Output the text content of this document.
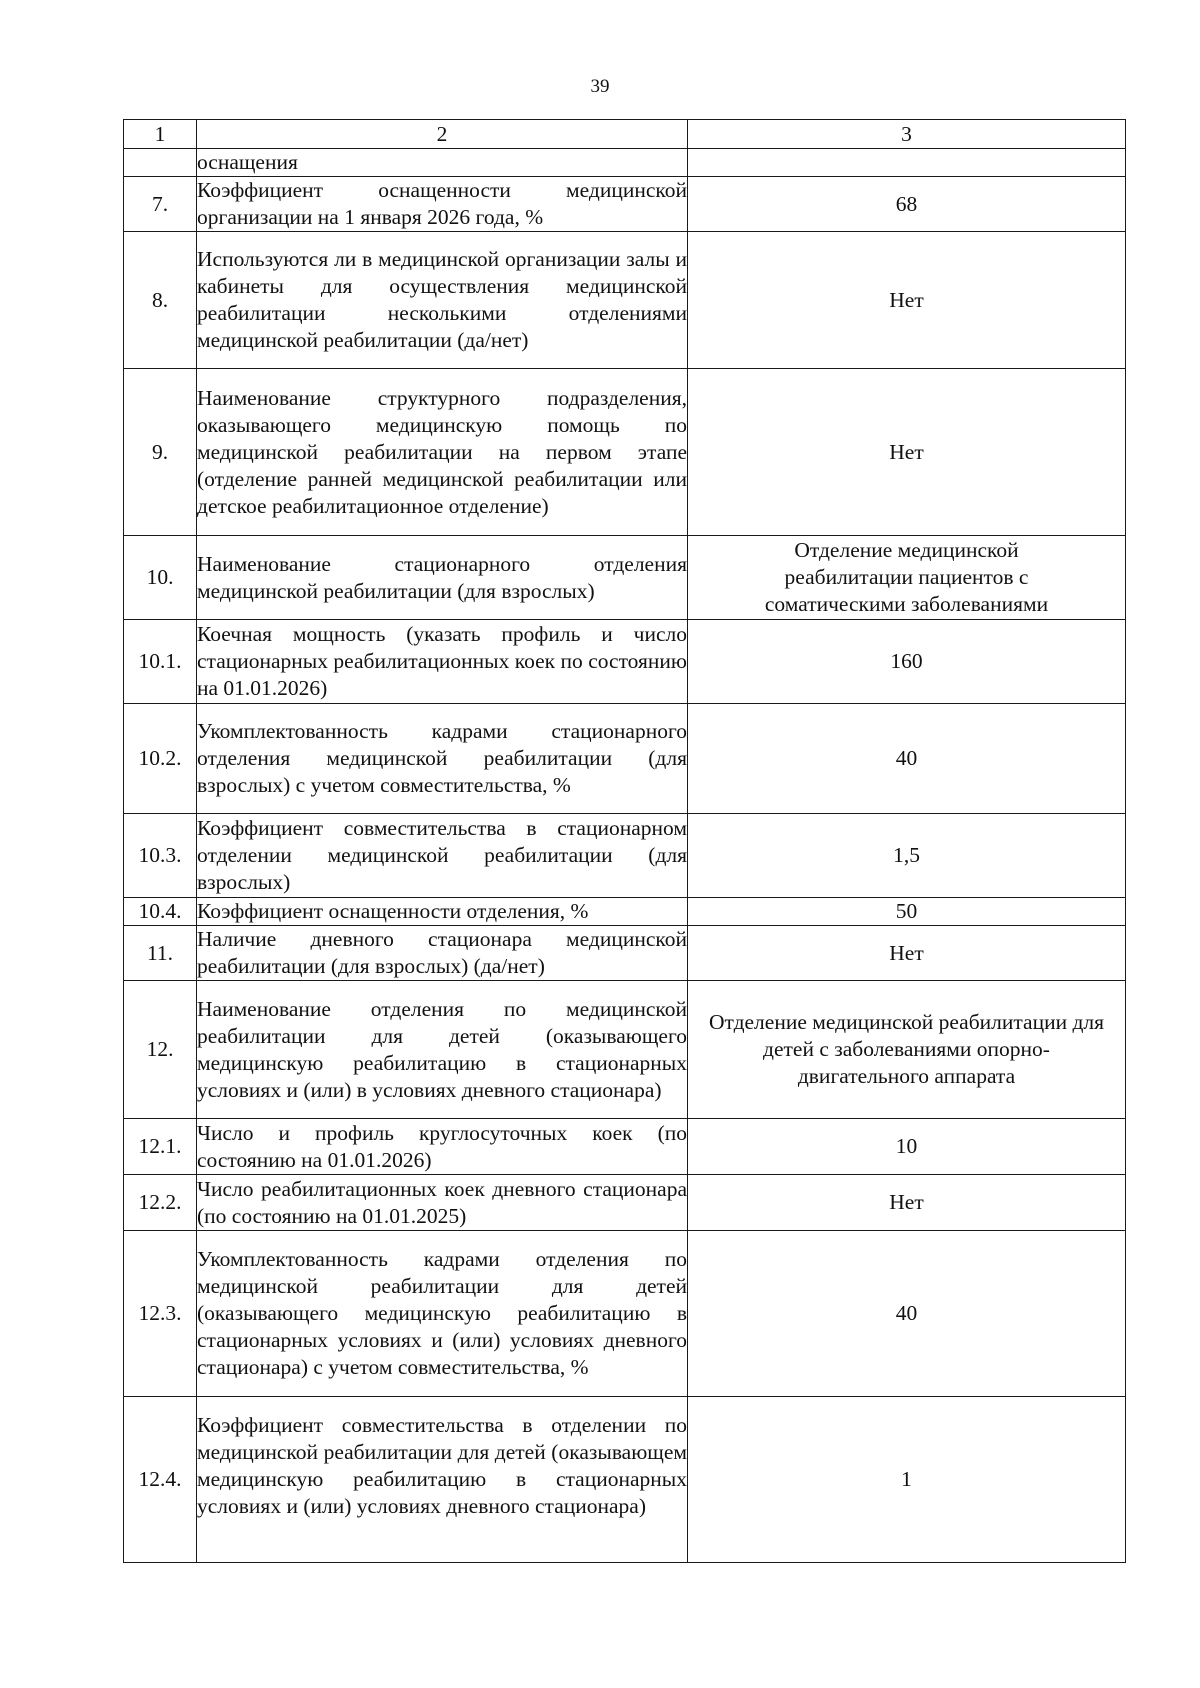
39
1	2	3
	оснащения	
7.	Коэффициент оснащенности медицинской организации на 1 января 2026 года, %	68
8.	Используются ли в медицинской организации залы и кабинеты для осуществления медицинской реабилитации несколькими отделениями медицинской реабилитации (да/нет)	Нет
9.	Наименование структурного подразделения, оказывающего медицинскую помощь по медицинской реабилитации на первом этапе (отделение ранней медицинской реабилитации или детское реабилитационное отделение)	Нет
10.	Наименование стационарного отделения медицинской реабилитации (для взрослых)	Отделение медицинской реабилитации пациентов с соматическими заболеваниями
10.1.	Коечная мощность (указать профиль и число стационарных реабилитационных коек по состоянию на 01.01.2026)	160
10.2.	Укомплектованность кадрами стационарного отделения медицинской реабилитации (для взрослых) с учетом совместительства, %	40
10.3.	Коэффициент совместительства в стационарном отделении медицинской реабилитации (для взрослых)	1,5
10.4.	Коэффициент оснащенности отделения, %	50
11.	Наличие дневного стационара медицинской реабилитации (для взрослых) (да/нет)	Нет
12.	Наименование отделения по медицинской реабилитации для детей (оказывающего медицинскую реабилитацию в стационарных условиях и (или) в условиях дневного стационара)	Отделение медицинской реабилитации для детей с заболеваниями опорно-двигательного аппарата
12.1.	Число и профиль круглосуточных коек (по состоянию на 01.01.2026)	10
12.2.	Число реабилитационных коек дневного стационара (по состоянию на 01.01.2025)	Нет
12.3.	Укомплектованность кадрами отделения по медицинской реабилитации для детей (оказывающего медицинскую реабилитацию в стационарных условиях и (или) условиях дневного стационара) с учетом совместительства, %	40
12.4.	Коэффициент совместительства в отделении по медицинской реабилитации для детей (оказывающем медицинскую реабилитацию в стационарных условиях и (или) условиях дневного стационара)	1
